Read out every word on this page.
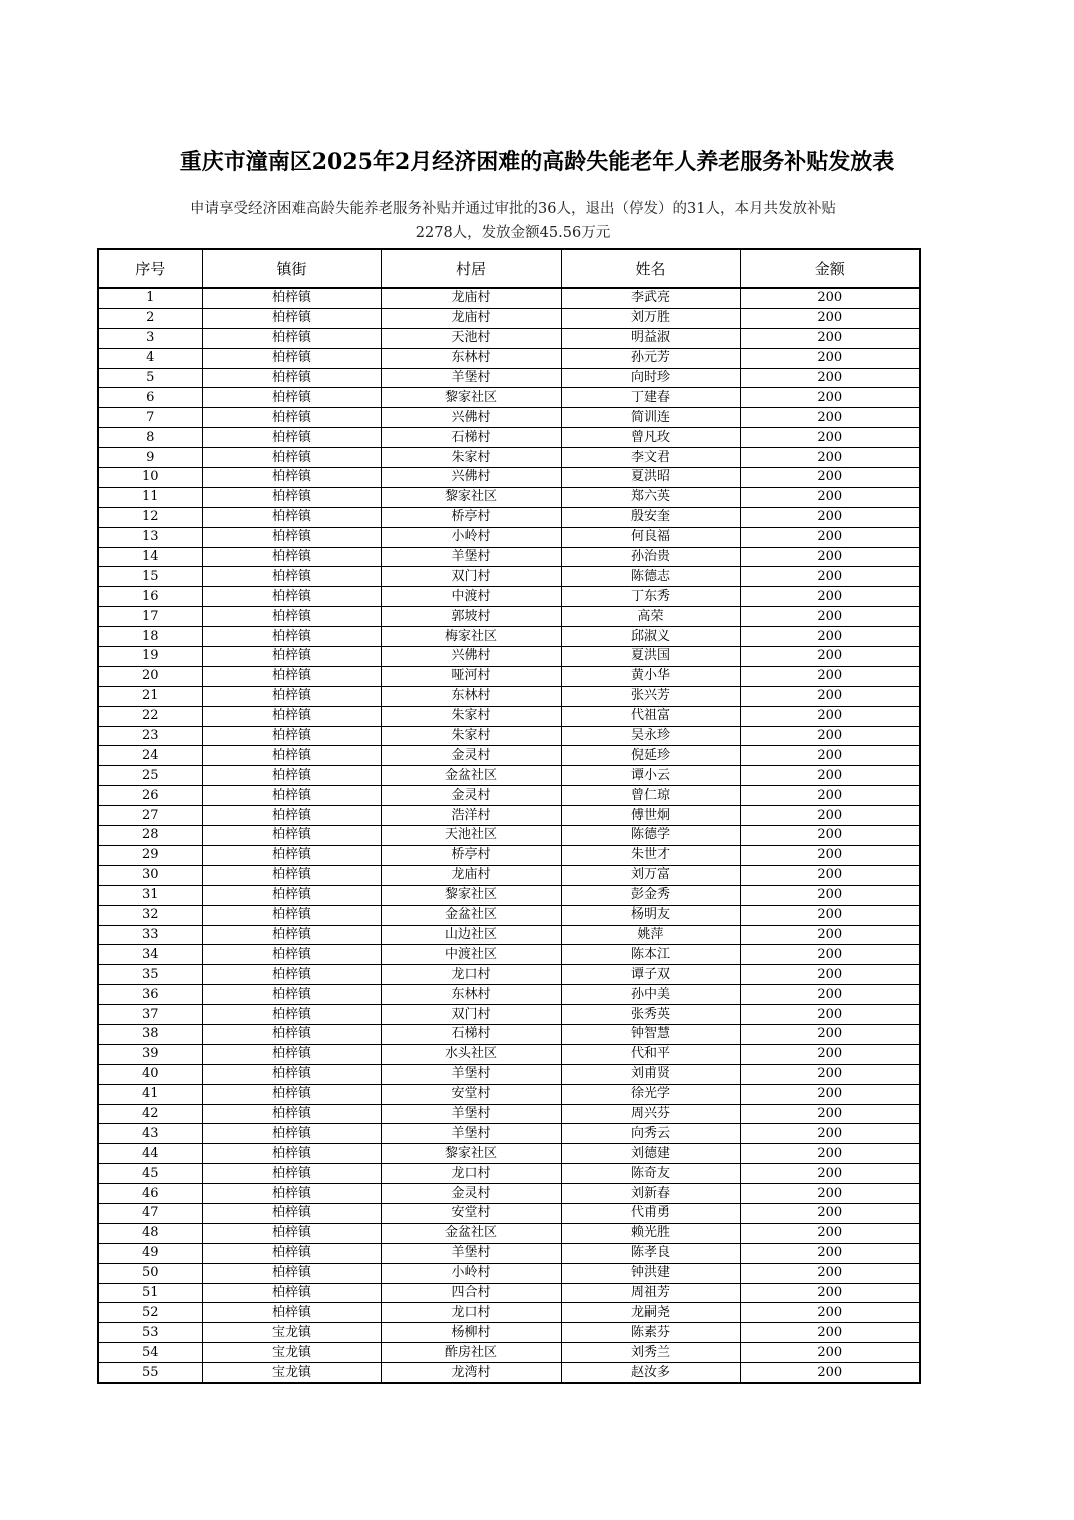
重庆市潼南区2025年2月经济困难的高龄失能老年人养老服务补贴发放表
申请享受经济困难高龄失能养老服务补贴并通过审批的36人，退出（停发）的31人，本月共发放补贴
2278人，发放金额45.56万元
序号	镇街	村居	姓名	金额
1	柏梓镇	龙庙村	李武亮	200
2	柏梓镇	龙庙村	刘万胜	200
3	柏梓镇	天池村	明益淑	200
4	柏梓镇	东林村	孙元芳	200
5	柏梓镇	羊堡村	向时珍	200
6	柏梓镇	黎家社区	丁建春	200
7	柏梓镇	兴佛村	简训连	200
8	柏梓镇	石梯村	曾凡玫	200
9	柏梓镇	朱家村	李文君	200
10	柏梓镇	兴佛村	夏洪昭	200
11	柏梓镇	黎家社区	郑六英	200
12	柏梓镇	桥亭村	殷安奎	200
13	柏梓镇	小岭村	何良福	200
14	柏梓镇	羊堡村	孙治贵	200
15	柏梓镇	双门村	陈德志	200
16	柏梓镇	中渡村	丁东秀	200
17	柏梓镇	郭坡村	高荣	200
18	柏梓镇	梅家社区	邱淑义	200
19	柏梓镇	兴佛村	夏洪国	200
20	柏梓镇	哑河村	黄小华	200
21	柏梓镇	东林村	张兴芳	200
22	柏梓镇	朱家村	代祖富	200
23	柏梓镇	朱家村	吴永珍	200
24	柏梓镇	金灵村	倪延珍	200
25	柏梓镇	金盆社区	谭小云	200
26	柏梓镇	金灵村	曾仁琼	200
27	柏梓镇	浩洋村	傅世炯	200
28	柏梓镇	天池社区	陈德学	200
29	柏梓镇	桥亭村	朱世才	200
30	柏梓镇	龙庙村	刘万富	200
31	柏梓镇	黎家社区	彭金秀	200
32	柏梓镇	金盆社区	杨明友	200
33	柏梓镇	山边社区	姚萍	200
34	柏梓镇	中渡社区	陈本江	200
35	柏梓镇	龙口村	谭子双	200
36	柏梓镇	东林村	孙中美	200
37	柏梓镇	双门村	张秀英	200
38	柏梓镇	石梯村	钟智慧	200
39	柏梓镇	水头社区	代和平	200
40	柏梓镇	羊堡村	刘甫贤	200
41	柏梓镇	安堂村	徐光学	200
42	柏梓镇	羊堡村	周兴芬	200
43	柏梓镇	羊堡村	向秀云	200
44	柏梓镇	黎家社区	刘德建	200
45	柏梓镇	龙口村	陈奇友	200
46	柏梓镇	金灵村	刘新春	200
47	柏梓镇	安堂村	代甫勇	200
48	柏梓镇	金盆社区	赖光胜	200
49	柏梓镇	羊堡村	陈孝良	200
50	柏梓镇	小岭村	钟洪建	200
51	柏梓镇	四合村	周祖芳	200
52	柏梓镇	龙口村	龙嗣尧	200
53	宝龙镇	杨柳村	陈素芬	200
54	宝龙镇	酢房社区	刘秀兰	200
55	宝龙镇	龙湾村	赵汝多	200
